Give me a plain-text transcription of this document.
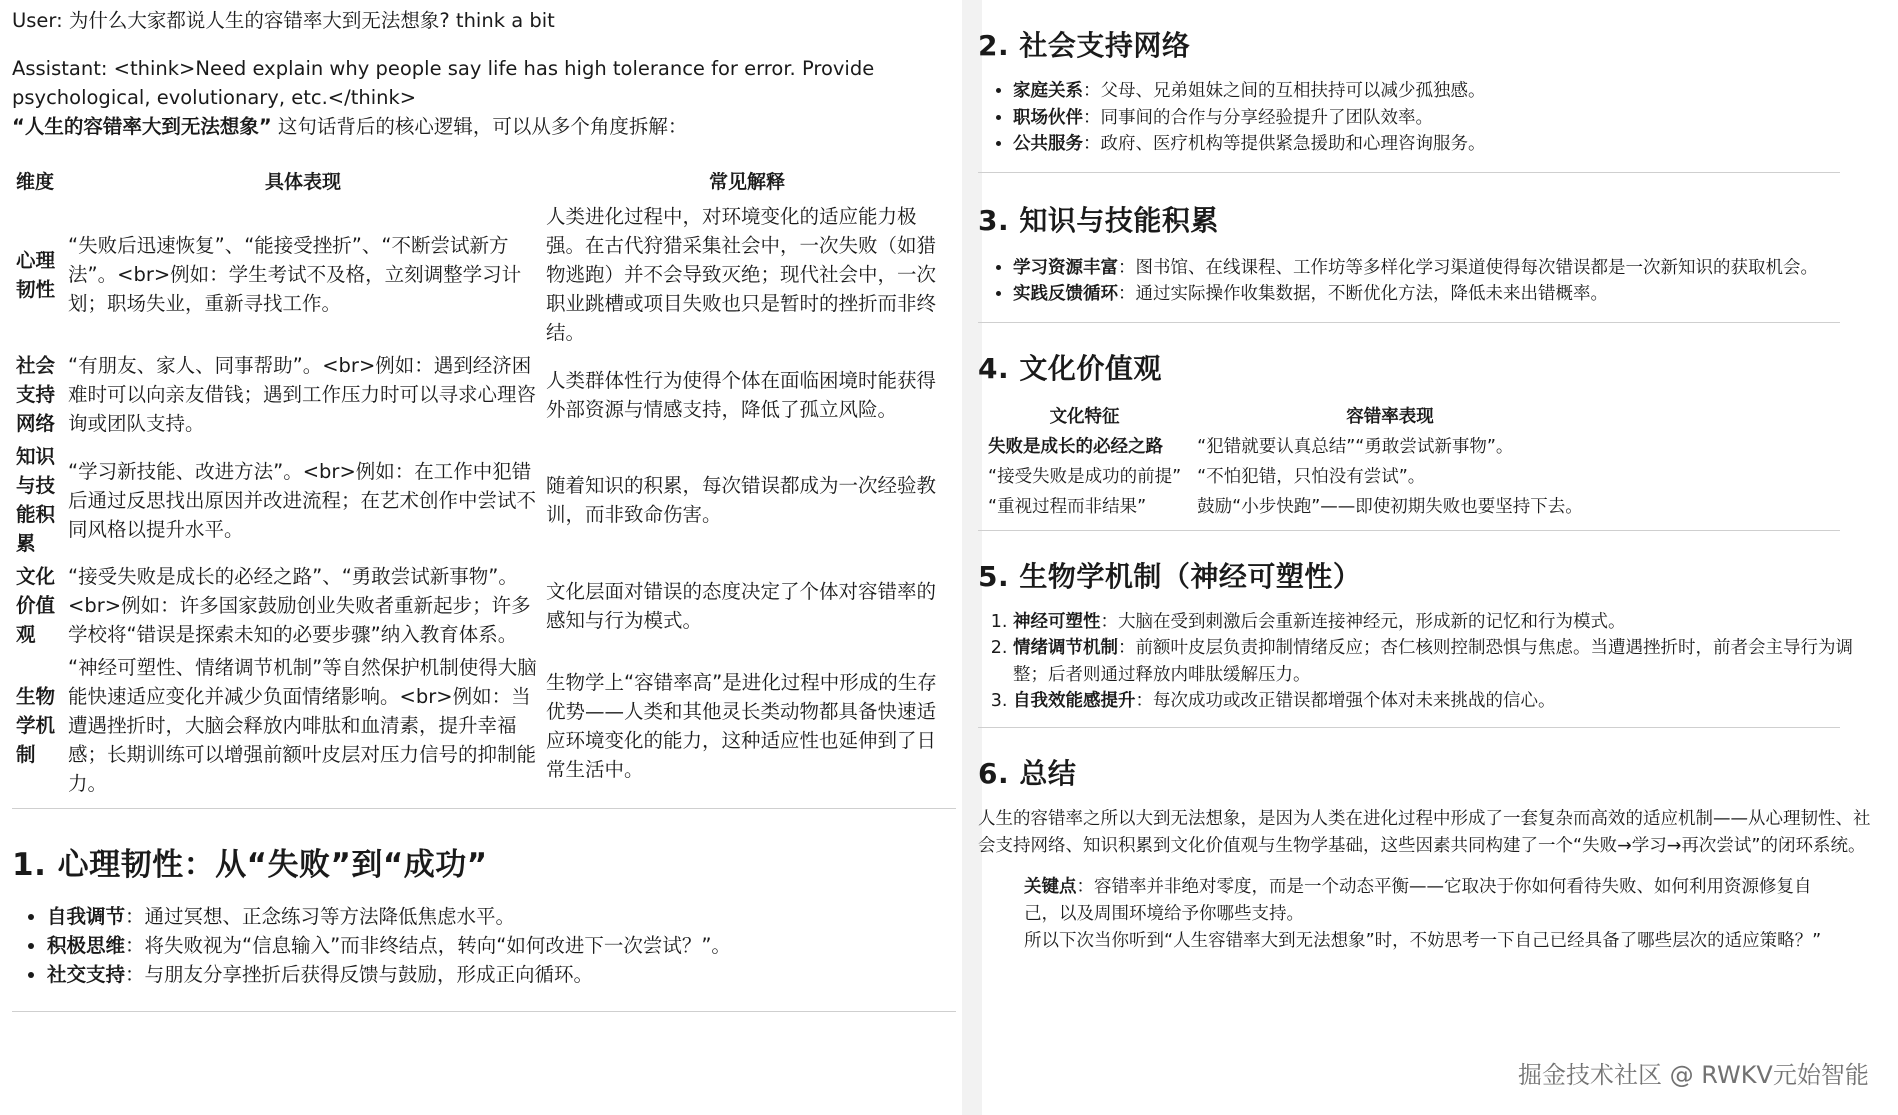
User: 为什么大家都说人生的容错率大到无法想象? think a bit
Assistant: <think>Need explain why people say life has high tolerance for error. Provide psychological, evolutionary, etc.</think>
“人生的容错率大到无法想象” 这句话背后的核心逻辑，可以从多个角度拆解：
维度	具体表现	常见解释
心理韧性	“失败后迅速恢复”、“能接受挫折”、“不断尝试新方法”。<br>例如：学生考试不及格，立刻调整学习计划；职场失业，重新寻找工作。	人类进化过程中，对环境变化的适应能力极强。在古代狩猎采集社会中，一次失败（如猎物逃跑）并不会导致灭绝；现代社会中，一次职业跳槽或项目失败也只是暂时的挫折而非终结。
社会支持网络	“有朋友、家人、同事帮助”。<br>例如：遇到经济困难时可以向亲友借钱；遇到工作压力时可以寻求心理咨询或团队支持。	人类群体性行为使得个体在面临困境时能获得外部资源与情感支持，降低了孤立风险。
知识与技能积累	“学习新技能、改进方法”。<br>例如：在工作中犯错后通过反思找出原因并改进流程；在艺术创作中尝试不同风格以提升水平。	随着知识的积累，每次错误都成为一次经验教训，而非致命伤害。
文化价值观	“接受失败是成长的必经之路”、“勇敢尝试新事物”。<br>例如：许多国家鼓励创业失败者重新起步；许多学校将“错误是探索未知的必要步骤”纳入教育体系。	文化层面对错误的态度决定了个体对容错率的感知与行为模式。
生物学机制	“神经可塑性、情绪调节机制”等自然保护机制使得大脑能快速适应变化并减少负面情绪影响。<br>例如：当遭遇挫折时，大脑会释放内啡肽和血清素，提升幸福感；长期训练可以增强前额叶皮层对压力信号的抑制能力。	生物学上“容错率高”是进化过程中形成的生存优势——人类和其他灵长类动物都具备快速适应环境变化的能力，这种适应性也延伸到了日常生活中。
1. 心理韧性：从“失败”到“成功”
• 自我调节：通过冥想、正念练习等方法降低焦虑水平。
• 积极思维：将失败视为“信息输入”而非终结点，转向“如何改进下一次尝试？”。
• 社交支持：与朋友分享挫折后获得反馈与鼓励，形成正向循环。
2. 社会支持网络
• 家庭关系：父母、兄弟姐妹之间的互相扶持可以减少孤独感。
• 职场伙伴：同事间的合作与分享经验提升了团队效率。
• 公共服务：政府、医疗机构等提供紧急援助和心理咨询服务。
3. 知识与技能积累
• 学习资源丰富：图书馆、在线课程、工作坊等多样化学习渠道使得每次错误都是一次新知识的获取机会。
• 实践反馈循环：通过实际操作收集数据，不断优化方法，降低未来出错概率。
4. 文化价值观
文化特征	容错率表现
失败是成长的必经之路	“犯错就要认真总结”“勇敢尝试新事物”。
“接受失败是成功的前提”	“不怕犯错，只怕没有尝试”。
“重视过程而非结果”	鼓励“小步快跑”——即使初期失败也要坚持下去。
5. 生物学机制（神经可塑性）
1. 神经可塑性：大脑在受到刺激后会重新连接神经元，形成新的记忆和行为模式。
2. 情绪调节机制：前额叶皮层负责抑制情绪反应；杏仁核则控制恐惧与焦虑。当遭遇挫折时，前者会主导行为调整；后者则通过释放内啡肽缓解压力。
3. 自我效能感提升：每次成功或改正错误都增强个体对未来挑战的信心。
6. 总结
人生的容错率之所以大到无法想象，是因为人类在进化过程中形成了一套复杂而高效的适应机制——从心理韧性、社会支持网络、知识积累到文化价值观与生物学基础，这些因素共同构建了一个“失败→学习→再次尝试”的闭环系统。
关键点：容错率并非绝对零度，而是一个动态平衡——它取决于你如何看待失败、如何利用资源修复自己，以及周围环境给予你哪些支持。
所以下次当你听到“人生容错率大到无法想象”时，不妨思考一下自己已经具备了哪些层次的适应策略？”
掘金技术社区 @ RWKV元始智能
